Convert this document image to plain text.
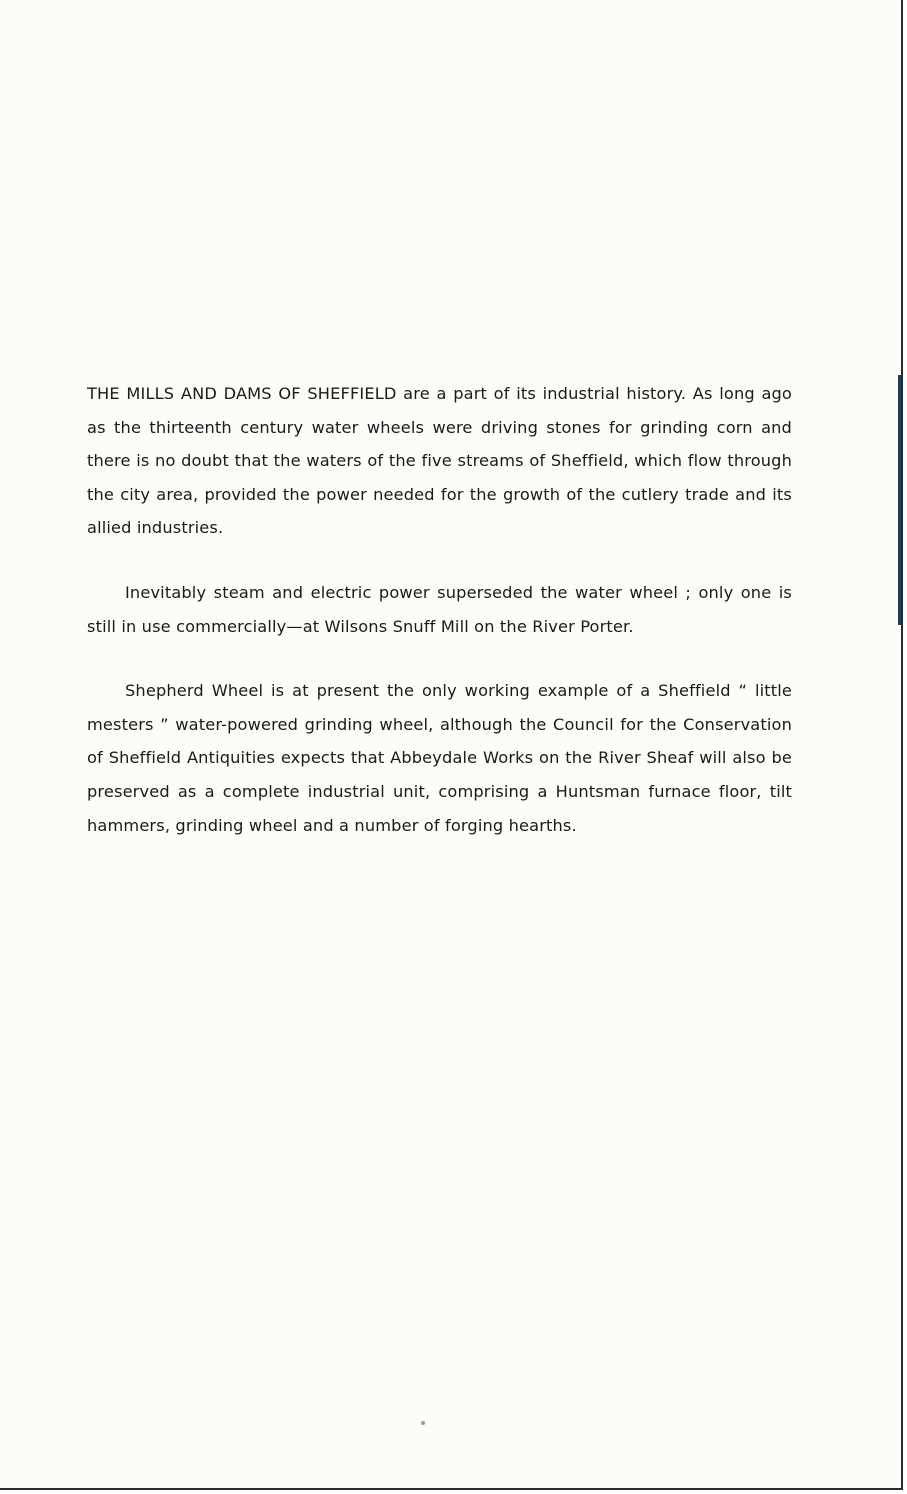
THE MILLS AND DAMS OF SHEFFIELD are a part of its industrial history. As long ago as the thirteenth century water wheels were driving stones for grinding corn and there is no doubt that the waters of the five streams of Sheffield, which flow through the city area, provided the power needed for the growth of the cutlery trade and its allied industries.

Inevitably steam and electric power superseded the water wheel ; only one is still in use commercially—at Wilsons Snuff Mill on the River Porter.

Shepherd Wheel is at present the only working example of a Sheffield “ little mesters ” water-powered grinding wheel, although the Council for the Conservation of Sheffield Antiquities expects that Abbeydale Works on the River Sheaf will also be preserved as a complete industrial unit, comprising a Huntsman furnace floor, tilt hammers, grinding wheel and a number of forging hearths.
